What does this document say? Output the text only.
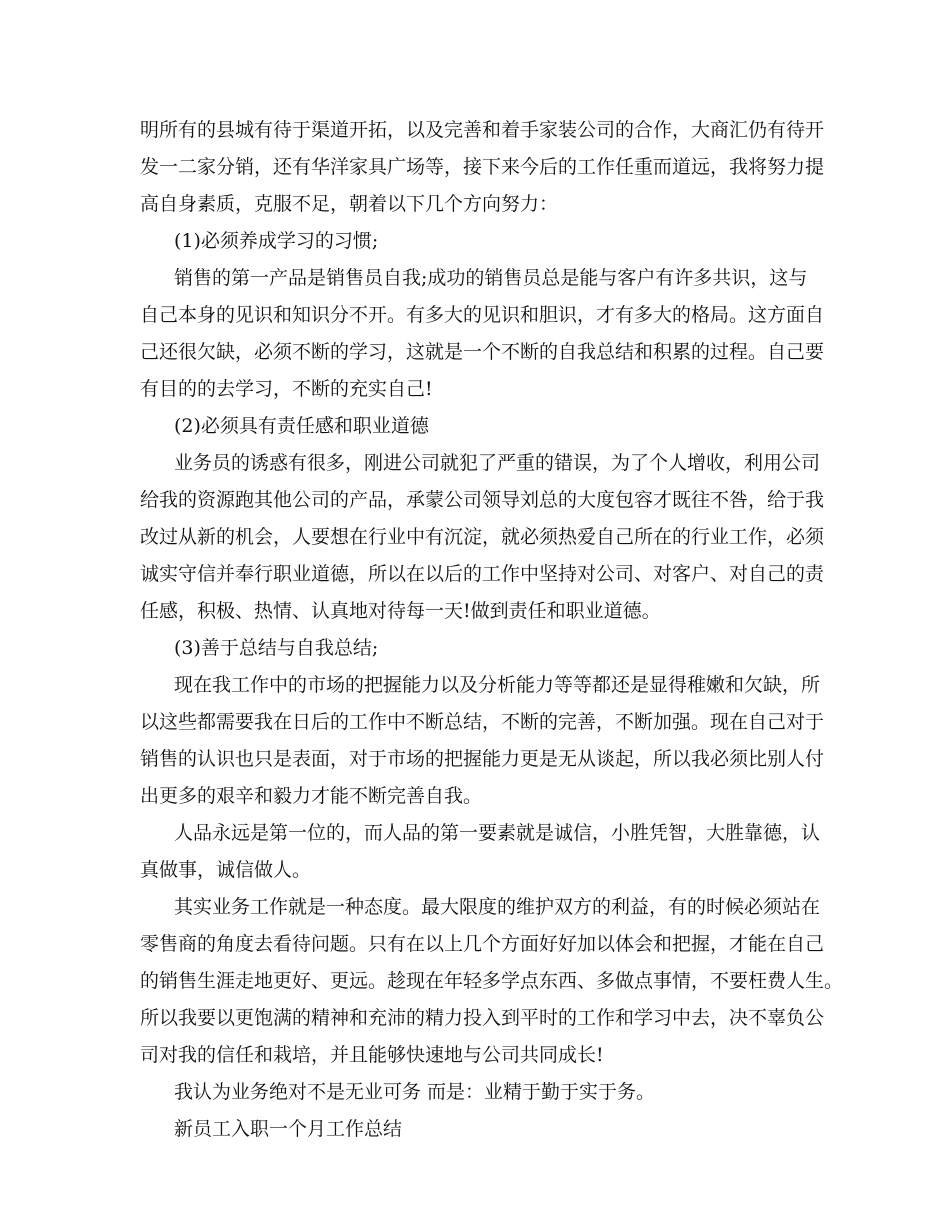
明所有的县城有待于渠道开拓，以及完善和着手家装公司的合作，大商汇仍有待开
发一二家分销，还有华洋家具广场等，接下来今后的工作任重而道远，我将努力提
高自身素质，克服不足，朝着以下几个方向努力：
(1)必须养成学习的习惯;
销售的第一产品是销售员自我;成功的销售员总是能与客户有许多共识，这与
自己本身的见识和知识分不开。有多大的见识和胆识，才有多大的格局。这方面自
己还很欠缺，必须不断的学习，这就是一个不断的自我总结和积累的过程。自己要
有目的的去学习，不断的充实自己!
(2)必须具有责任感和职业道德
业务员的诱惑有很多，刚进公司就犯了严重的错误，为了个人增收，利用公司
给我的资源跑其他公司的产品，承蒙公司领导刘总的大度包容才既往不咎，给于我
改过从新的机会，人要想在行业中有沉淀，就必须热爱自己所在的行业工作，必须
诚实守信并奉行职业道德，所以在以后的工作中坚持对公司、对客户、对自己的责
任感，积极、热情、认真地对待每一天!做到责任和职业道德。
(3)善于总结与自我总结;
现在我工作中的市场的把握能力以及分析能力等等都还是显得稚嫩和欠缺，所
以这些都需要我在日后的工作中不断总结，不断的完善，不断加强。现在自己对于
销售的认识也只是表面，对于市场的把握能力更是无从谈起，所以我必须比别人付
出更多的艰辛和毅力才能不断完善自我。
人品永远是第一位的，而人品的第一要素就是诚信，小胜凭智，大胜靠德，认
真做事，诚信做人。
其实业务工作就是一种态度。最大限度的维护双方的利益，有的时候必须站在
零售商的角度去看待问题。只有在以上几个方面好好加以体会和把握，才能在自己
的销售生涯走地更好、更远。趁现在年轻多学点东西、多做点事情，不要枉费人生。
所以我要以更饱满的精神和充沛的精力投入到平时的工作和学习中去，决不辜负公
司对我的信任和栽培，并且能够快速地与公司共同成长!
我认为业务绝对不是无业可务 而是：业精于勤于实于务。
新员工入职一个月工作总结
